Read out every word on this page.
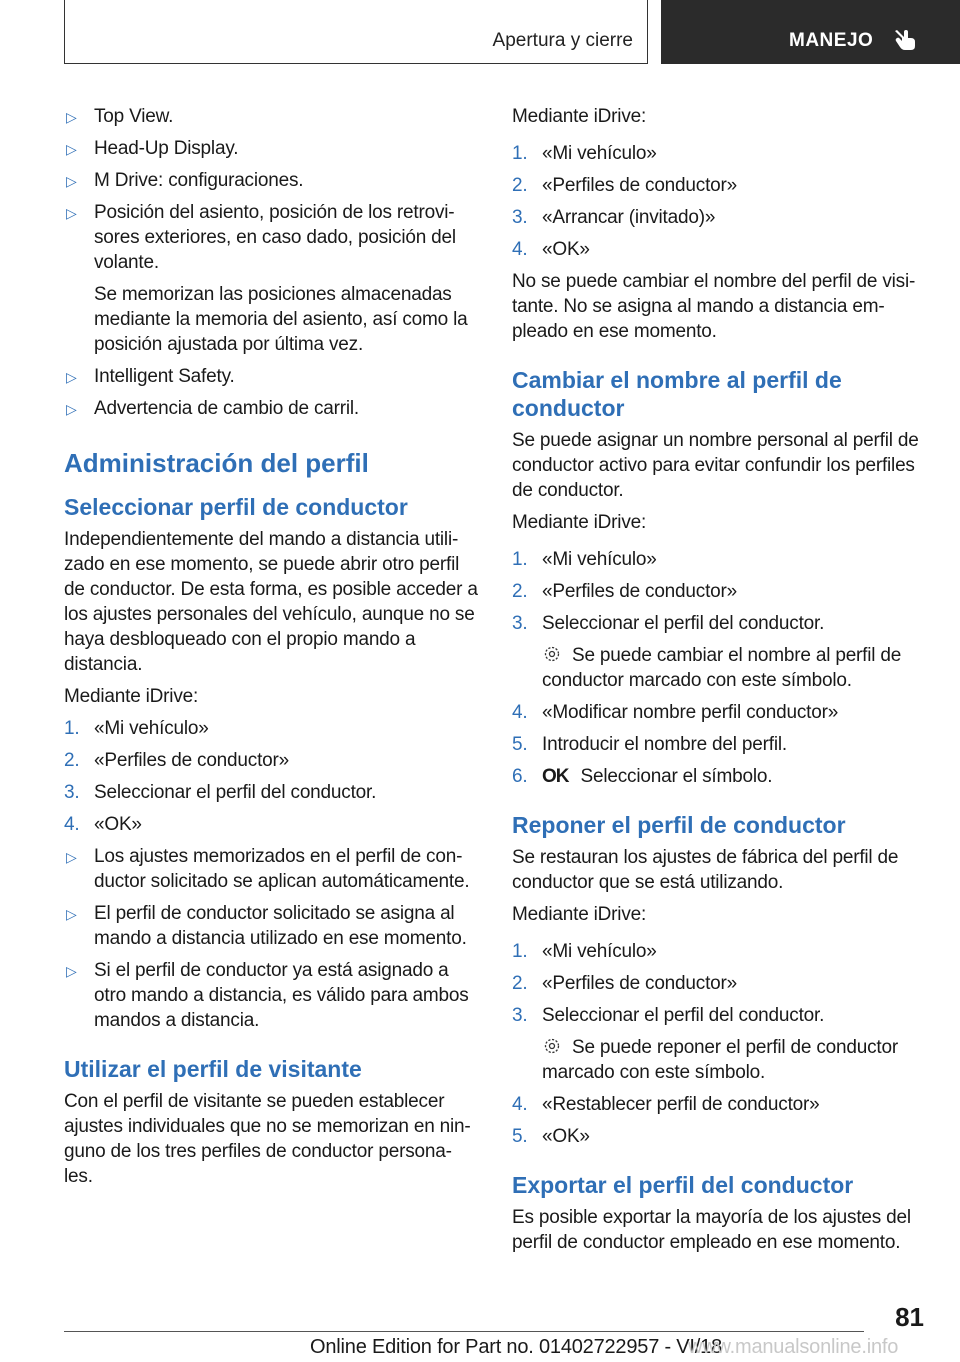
Apertura y cierre	MANEJO
▷ Top View.
▷ Head-Up Display.
▷ M Drive: configuraciones.
▷ Posición del asiento, posición de los retrovi‐sores exteriores, en caso dado, posición del volante.
Se memorizan las posiciones almacenadas mediante la memoria del asiento, así como la posición ajustada por última vez.
▷ Intelligent Safety.
▷ Advertencia de cambio de carril.
Administración del perfil
Seleccionar perfil de conductor
Independientemente del mando a distancia utili‐zado en ese momento, se puede abrir otro perfil de conductor. De esta forma, es posible acceder a los ajustes personales del vehículo, aunque no se haya desbloqueado con el propio mando a distancia.
Mediante iDrive:
1. «Mi vehículo»
2. «Perfiles de conductor»
3. Seleccionar el perfil del conductor.
4. «OK»
▷ Los ajustes memorizados en el perfil de con‐ductor solicitado se aplican automáticamente.
▷ El perfil de conductor solicitado se asigna al mando a distancia utilizado en ese momento.
▷ Si el perfil de conductor ya está asignado a otro mando a distancia, es válido para ambos mandos a distancia.
Utilizar el perfil de visitante
Con el perfil de visitante se pueden establecer ajustes individuales que no se memorizan en nin‐guno de los tres perfiles de conductor persona‐les.
Mediante iDrive:
1. «Mi vehículo»
2. «Perfiles de conductor»
3. «Arrancar (invitado)»
4. «OK»
No se puede cambiar el nombre del perfil de visi‐tante. No se asigna al mando a distancia em‐pleado en ese momento.
Cambiar el nombre al perfil de conductor
Se puede asignar un nombre personal al perfil de conductor activo para evitar confundir los perfiles de conductor.
Mediante iDrive:
1. «Mi vehículo»
2. «Perfiles de conductor»
3. Seleccionar el perfil del conductor.
Se puede cambiar el nombre al perfil de conductor marcado con este símbolo.
4. «Modificar nombre perfil conductor»
5. Introducir el nombre del perfil.
6. OK Seleccionar el símbolo.
Reponer el perfil de conductor
Se restauran los ajustes de fábrica del perfil de conductor que se está utilizando.
Mediante iDrive:
1. «Mi vehículo»
2. «Perfiles de conductor»
3. Seleccionar el perfil del conductor.
Se puede reponer el perfil de conductor marcado con este símbolo.
4. «Restablecer perfil de conductor»
5. «OK»
Exportar el perfil del conductor
Es posible exportar la mayoría de los ajustes del perfil de conductor empleado en ese momento.
81
Online Edition for Part no. 01402722957 - VI/18
www.manualsonline.info
